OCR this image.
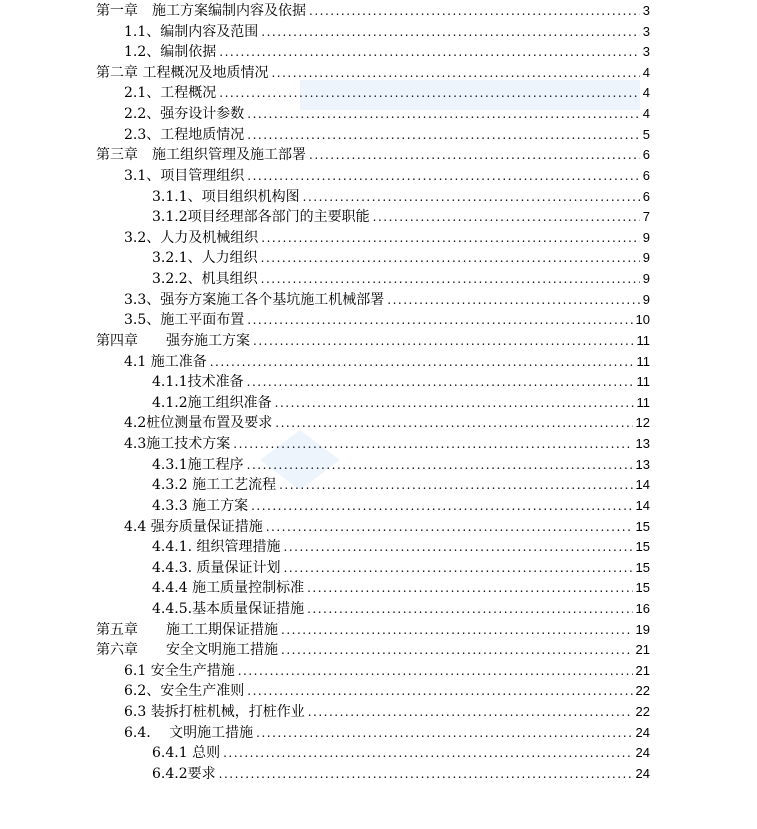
第一章　施工方案编制内容及依据 .....	3
1.1、编制内容及范围 .....	3
1.2、编制依据 .....	3
第二章 工程概况及地质情况 .....	4
2.1、工程概况 .....	4
2.2、强夯设计参数 .....	4
2.3、工程地质情况 .....	5
第三章　施工组织管理及施工部署 .....	6
3.1、项目管理组织 .....	6
3.1.1、项目组织机构图 .....	6
3.1.2项目经理部各部门的主要职能 .....	7
3.2、人力及机械组织 .....	9
3.2.1、人力组织 .....	9
3.2.2、机具组织 .....	9
3.3、强夯方案施工各个基坑施工机械部署 .....	9
3.5、施工平面布置 .....	10
第四章　　强夯施工方案 .....	11
4.1 施工准备 .....	11
4.1.1技术准备 .....	11
4.1.2施工组织准备 .....	11
4.2桩位测量布置及要求 .....	12
4.3施工技术方案 .....	13
4.3.1施工程序 .....	13
4.3.2 施工工艺流程 .....	14
4.3.3 施工方案 .....	14
4.4 强夯质量保证措施 .....	15
4.4.1. 组织管理措施 .....	15
4.4.3. 质量保证计划 .....	15
4.4.4 施工质量控制标准 .....	15
4.4.5.基本质量保证措施 .....	16
第五章　　施工工期保证措施 .....	19
第六章　　安全文明施工措施 .....	21
6.1 安全生产措施 .....	21
6.2、安全生产准则 .....	22
6.3 装拆打桩机械，打桩作业 .....	22
6.4.　 文明施工措施 .....	24
6.4.1 总则 .....	24
6.4.2要求 .....	24
